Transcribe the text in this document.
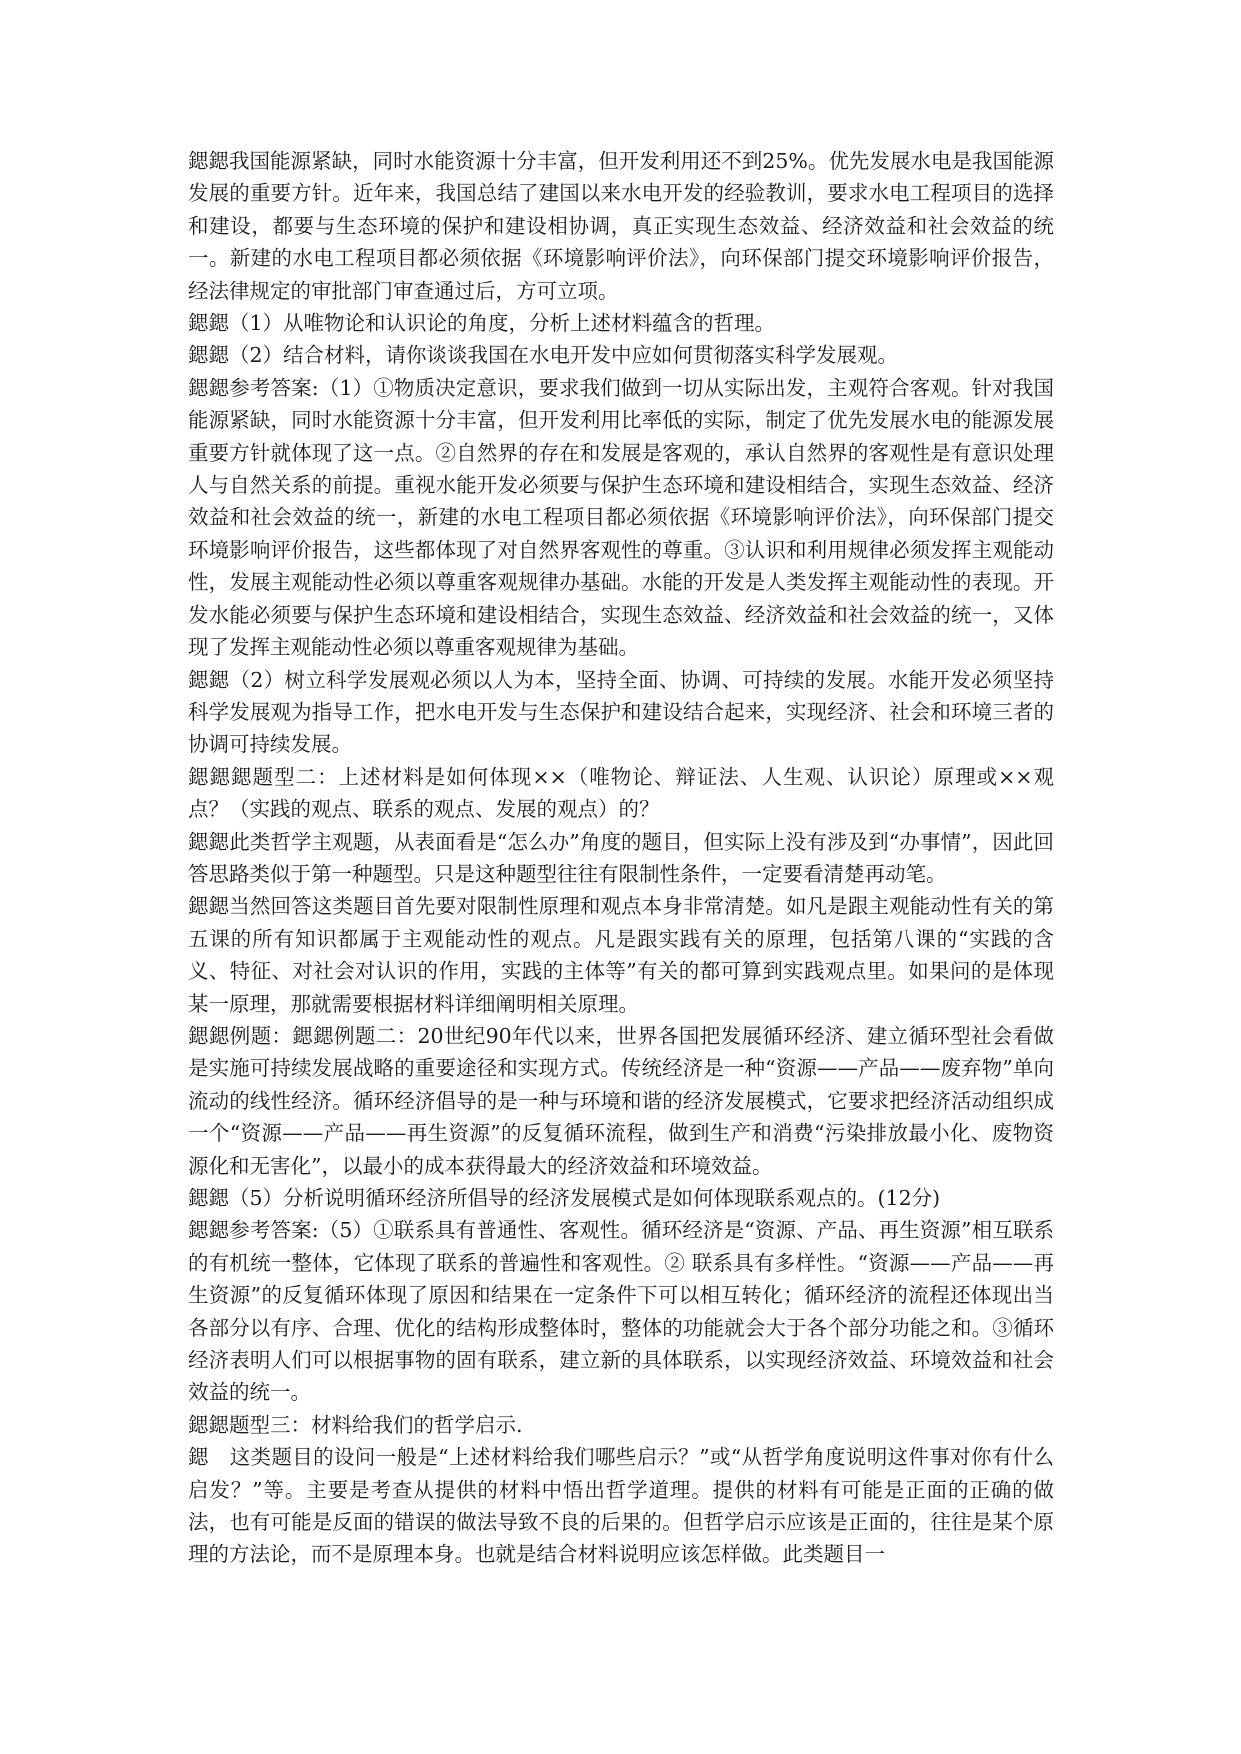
鍶鍶我国能源紧缺，同时水能资源十分丰富，但开发利用还不到25%。优先发展水电是我国能源发展的重要方针。近年来，我国总结了建国以来水电开发的经验教训，要求水电工程项目的选择和建设，都要与生态环境的保护和建设相协调，真正实现生态效益、经济效益和社会效益的统一。新建的水电工程项目都必须依据《环境影响评价法》，向环保部门提交环境影响评价报告，经法律规定的审批部门审查通过后，方可立项。

鍶鍶（1）从唯物论和认识论的角度，分析上述材料蕴含的哲理。

鍶鍶（2）结合材料，请你谈谈我国在水电开发中应如何贯彻落实科学发展观。

鍶鍶参考答案:（1）①物质决定意识，要求我们做到一切从实际出发，主观符合客观。针对我国能源紧缺，同时水能资源十分丰富，但开发利用比率低的实际，制定了优先发展水电的能源发展重要方针就体现了这一点。②自然界的存在和发展是客观的，承认自然界的客观性是有意识处理人与自然关系的前提。重视水能开发必须要与保护生态环境和建设相结合，实现生态效益、经济效益和社会效益的统一，新建的水电工程项目都必须依据《环境影响评价法》，向环保部门提交环境影响评价报告，这些都体现了对自然界客观性的尊重。③认识和利用规律必须发挥主观能动性，发展主观能动性必须以尊重客观规律办基础。水能的开发是人类发挥主观能动性的表现。开发水能必须要与保护生态环境和建设相结合，实现生态效益、经济效益和社会效益的统一，又体现了发挥主观能动性必须以尊重客观规律为基础。

鍶鍶（2）树立科学发展观必须以人为本，坚持全面、协调、可持续的发展。水能开发必须坚持科学发展观为指导工作，把水电开发与生态保护和建设结合起来，实现经济、社会和环境三者的协调可持续发展。

鍶鍶鍶题型二：上述材料是如何体现××（唯物论、辩证法、人生观、认识论）原理或××观点？（实践的观点、联系的观点、发展的观点）的？

鍶鍶此类哲学主观题，从表面看是“怎么办”角度的题目，但实际上没有涉及到“办事情”，因此回答思路类似于第一种题型。只是这种题型往往有限制性条件，一定要看清楚再动笔。

鍶鍶当然回答这类题目首先要对限制性原理和观点本身非常清楚。如凡是跟主观能动性有关的第五课的所有知识都属于主观能动性的观点。凡是跟实践有关的原理，包括第八课的“实践的含义、特征、对社会对认识的作用，实践的主体等”有关的都可算到实践观点里。如果问的是体现某一原理，那就需要根据材料详细阐明相关原理。

鍶鍶例题：鍶鍶例题二：20世纪90年代以来，世界各国把发展循环经济、建立循环型社会看做是实施可持续发展战略的重要途径和实现方式。传统经济是一种“资源——产品——废弃物”单向流动的线性经济。循环经济倡导的是一种与环境和谐的经济发展模式，它要求把经济活动组织成一个“资源——产品——再生资源”的反复循环流程，做到生产和消费“污染排放最小化、废物资源化和无害化”，以最小的成本获得最大的经济效益和环境效益。

鍶鍶（5）分析说明循环经济所倡导的经济发展模式是如何体现联系观点的。(12分)

鍶鍶参考答案:（5）①联系具有普通性、客观性。循环经济是“资源、产品、再生资源”相互联系的有机统一整体，它体现了联系的普遍性和客观性。② 联系具有多样性。“资源——产品——再生资源”的反复循环体现了原因和结果在一定条件下可以相互转化；循环经济的流程还体现出当各部分以有序、合理、优化的结构形成整体时，整体的功能就会大于各个部分功能之和。③循环经济表明人们可以根据事物的固有联系，建立新的具体联系，以实现经济效益、环境效益和社会效益的统一。

鍶鍶题型三：材料给我们的哲学启示.

鍶　这类题目的设问一般是“上述材料给我们哪些启示？”或“从哲学角度说明这件事对你有什么启发？”等。主要是考查从提供的材料中悟出哲学道理。提供的材料有可能是正面的正确的做法，也有可能是反面的错误的做法导致不良的后果的。但哲学启示应该是正面的，往往是某个原理的方法论，而不是原理本身。也就是结合材料说明应该怎样做。此类题目一
